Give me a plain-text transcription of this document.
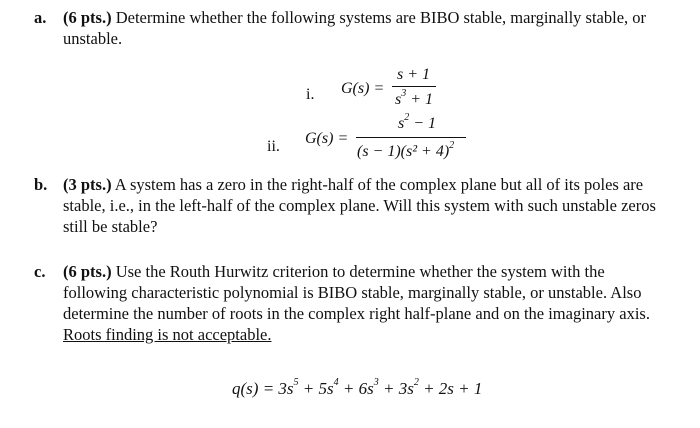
a. (6 pts.) Determine whether the following systems are BIBO stable, marginally stable, or
unstable.
i. G(s) =
s + 1
$s^3 + 1$
ii. G(s) =
$s^2 - 1$
$(s - 1)(s^2 + 4)^2$
b. (3 pts.) A system has a zero in the right-half of the complex plane but all of its poles are
stable, i.e., in the left-half of the complex plane. Will this system with such unstable zeros
still be stable?
c. (6 pts.) Use the Routh Hurwitz criterion to determine whether the system with the
following characteristic polynomial is BIBO stable, marginally stable, or unstable. Also
determine the number of roots in the complex right half-plane and on the imaginary axis.
Roots finding is not acceptable.
$q(s) = 3s^5 + 5s^4 + 6s^3 + 3s^2 + 2s + 1$
